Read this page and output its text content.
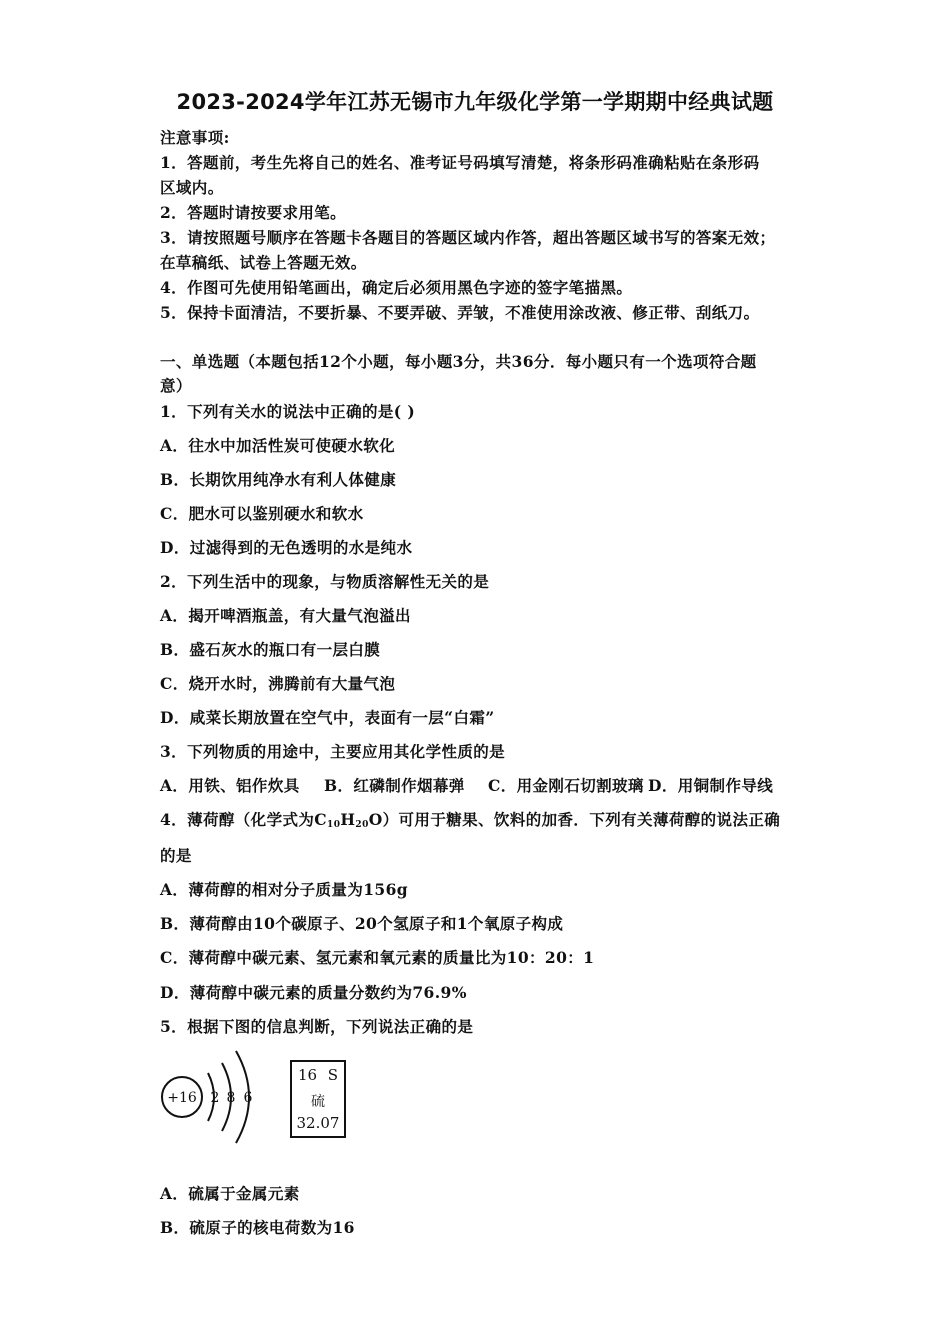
2023-2024学年江苏无锡市九年级化学第一学期期中经典试题
注意事项:
1．答题前，考生先将自己的姓名、准考证号码填写清楚，将条形码准确粘贴在条形码
区域内。
2．答题时请按要求用笔。
3．请按照题号顺序在答题卡各题目的答题区域内作答，超出答题区域书写的答案无效；
在草稿纸、试卷上答题无效。
4．作图可先使用铅笔画出，确定后必须用黑色字迹的签字笔描黑。
5．保持卡面清洁，不要折暴、不要弄破、弄皱，不准使用涂改液、修正带、刮纸刀。
一、单选题（本题包括12个小题，每小题3分，共36分．每小题只有一个选项符合题
意）
1．下列有关水的说法中正确的是( )
A．往水中加活性炭可使硬水软化
B．长期饮用纯净水有利人体健康
C．肥水可以鉴别硬水和软水
D．过滤得到的无色透明的水是纯水
2．下列生活中的现象，与物质溶解性无关的是
A．揭开啤酒瓶盖，有大量气泡溢出
B．盛石灰水的瓶口有一层白膜
C．烧开水时，沸腾前有大量气泡
D．咸菜长期放置在空气中，表面有一层“白霜”
3．下列物质的用途中，主要应用其化学性质的是
A．用铁、铝作炊具 B．红磷制作烟幕弹 C．用金刚石切割玻璃 D．用铜制作导线
4．薄荷醇（化学式为$C_{10}H_{20}O$）可用于糖果、饮料的加香．下列有关薄荷醇的说法正确
的是
A．薄荷醇的相对分子质量为156g
B．薄荷醇由10个碳原子、20个氢原子和1个氧原子构成
C．薄荷醇中碳元素、氢元素和氧元素的质量比为10：20：1
D．薄荷醇中碳元素的质量分数约为76.9%
5．根据下图的信息判断，下列说法正确的是
+16 2 8 6
16 S
硫
32.07
A．硫属于金属元素
B．硫原子的核电荷数为16
